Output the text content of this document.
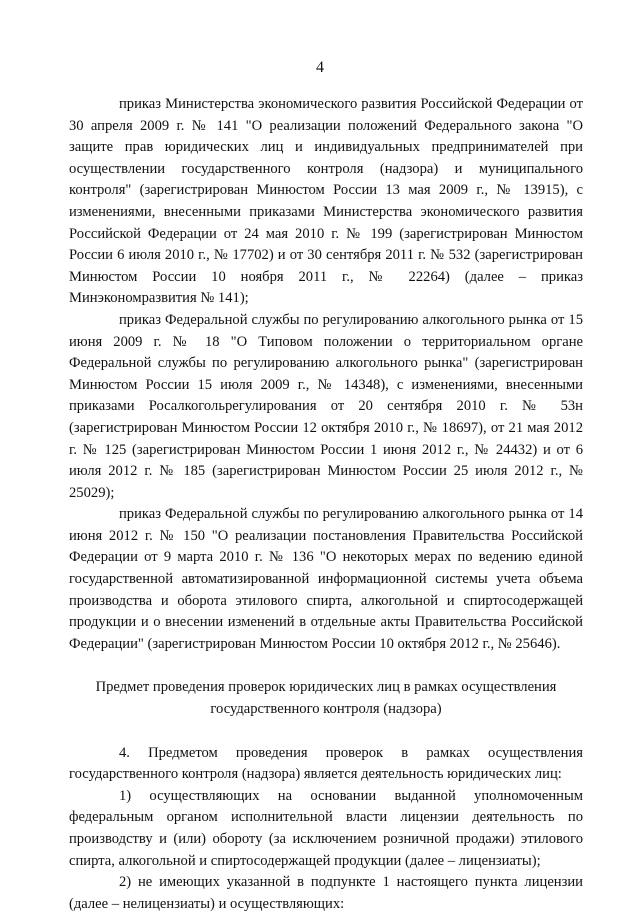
4

приказ Министерства экономического развития Российской Федерации от 30 апреля 2009 г. № 141 "О реализации положений Федерального закона "О защите прав юридических лиц и индивидуальных предпринимателей при осуществлении государственного контроля (надзора) и муниципального контроля" (зарегистрирован Минюстом России 13 мая 2009 г., № 13915), с изменениями, внесенными приказами Министерства экономического развития Российской Федерации от 24 мая 2010 г. № 199 (зарегистрирован Минюстом России 6 июля 2010 г., № 17702) и от 30 сентября 2011 г. № 532 (зарегистрирован Минюстом России 10 ноября 2011 г., № 22264) (далее – приказ Минэкономразвития № 141);

приказ Федеральной службы по регулированию алкогольного рынка от 15 июня 2009 г. № 18 "О Типовом положении о территориальном органе Федеральной службы по регулированию алкогольного рынка" (зарегистрирован Минюстом России 15 июля 2009 г., № 14348), с изменениями, внесенными приказами Росалкогольрегулирования от 20 сентября 2010 г. № 53н (зарегистрирован Минюстом России 12 октября 2010 г., № 18697), от 21 мая 2012 г. № 125 (зарегистрирован Минюстом России 1 июня 2012 г., № 24432) и от 6 июля 2012 г. № 185 (зарегистрирован Минюстом России 25 июля 2012 г., № 25029);

приказ Федеральной службы по регулированию алкогольного рынка от 14 июня 2012 г. № 150 "О реализации постановления Правительства Российской Федерации от 9 марта 2010 г. № 136 "О некоторых мерах по ведению единой государственной автоматизированной информационной системы учета объема производства и оборота этилового спирта, алкогольной и спиртосодержащей продукции и о внесении изменений в отдельные акты Правительства Российской Федерации" (зарегистрирован Минюстом России 10 октября 2012 г., № 25646).

Предмет проведения проверок юридических лиц в рамках осуществления
государственного контроля (надзора)

4. Предметом проведения проверок в рамках осуществления государственного контроля (надзора) является деятельность юридических лиц:

1) осуществляющих на основании выданной уполномоченным федеральным органом исполнительной власти лицензии деятельность по производству и (или) обороту (за исключением розничной продажи) этилового спирта, алкогольной и спиртосодержащей продукции (далее – лицензиаты);

2) не имеющих указанной в подпункте 1 настоящего пункта лицензии (далее – нелицензиаты) и осуществляющих:
